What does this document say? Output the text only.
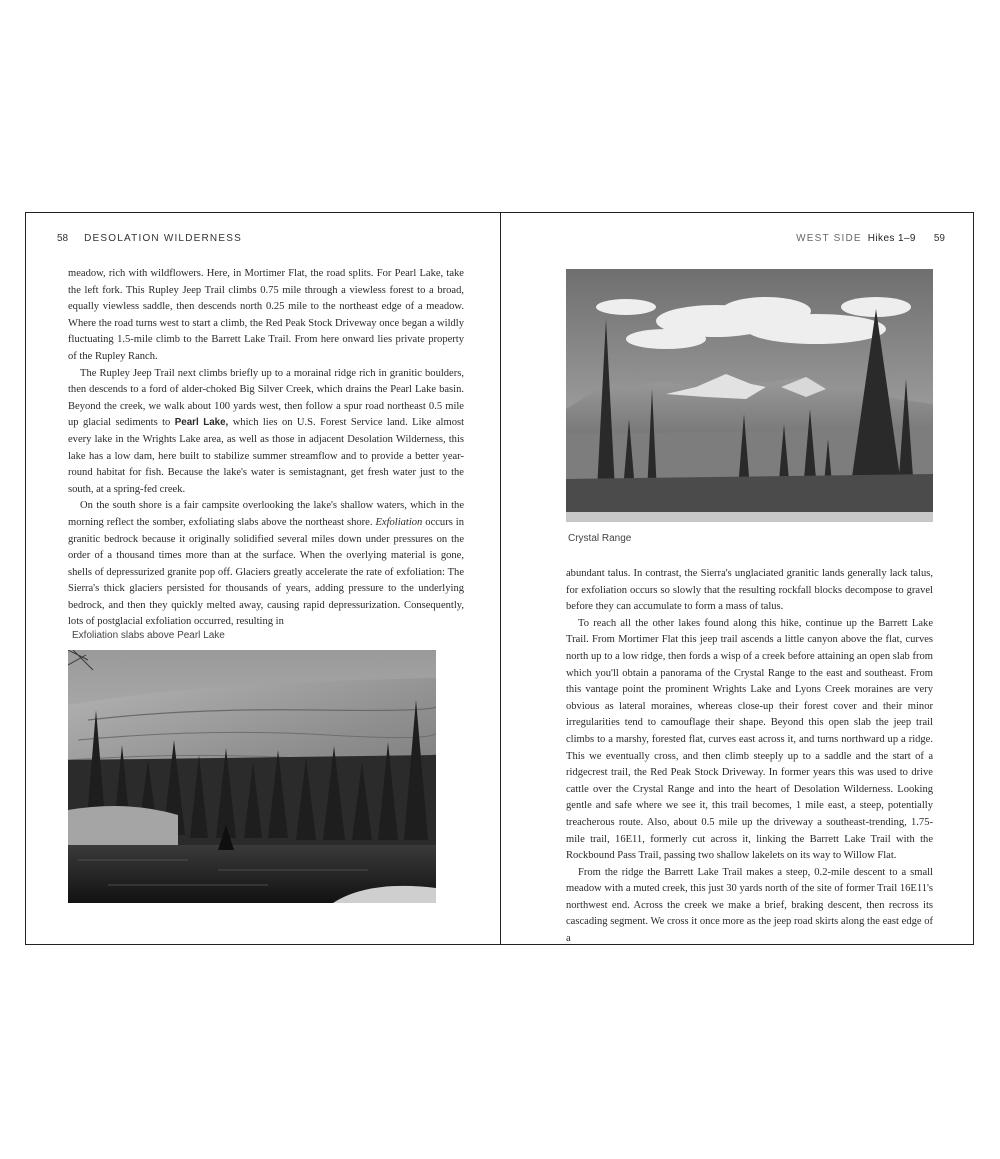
58 DESOLATION WILDERNESS

meadow, rich with wildflowers. Here, in Mortimer Flat, the road splits. For Pearl Lake, take the left fork. This Rupley Jeep Trail climbs 0.75 mile through a viewless forest to a broad, equally viewless saddle, then descends north 0.25 mile to the northeast edge of a meadow. Where the road turns west to start a climb, the Red Peak Stock Driveway once began a wildly fluctuating 1.5-mile climb to the Barrett Lake Trail. From here onward lies private property of the Rupley Ranch.

The Rupley Jeep Trail next climbs briefly up to a morainal ridge rich in granitic boulders, then descends to a ford of alder-choked Big Silver Creek, which drains the Pearl Lake basin. Beyond the creek, we walk about 100 yards west, then follow a spur road northeast 0.5 mile up glacial sediments to Pearl Lake, which lies on U.S. Forest Service land. Like almost every lake in the Wrights Lake area, as well as those in adjacent Desolation Wilderness, this lake has a low dam, here built to stabilize summer streamflow and to provide a better year-round habitat for fish. Because the lake's water is semistagnant, get fresh water just to the south, at a spring-fed creek.

On the south shore is a fair campsite overlooking the lake's shallow waters, which in the morning reflect the somber, exfoliating slabs above the northeast shore. Exfoliation occurs in granitic bedrock because it originally solidified several miles down under pressures on the order of a thousand times more than at the surface. When the overlying material is gone, shells of depressurized granite pop off. Glaciers greatly accelerate the rate of exfoliation: The Sierra's thick glaciers persisted for thousands of years, adding pressure to the underlying bedrock, and then they quickly melted away, causing rapid depressurization. Consequently, lots of postglacial exfoliation occurred, resulting in

Exfoliation slabs above Pearl Lake
WEST SIDE Hikes 1–9 59
Crystal Range

abundant talus. In contrast, the Sierra's unglaciated granitic lands generally lack talus, for exfoliation occurs so slowly that the resulting rockfall blocks decompose to gravel before they can accumulate to form a mass of talus.

To reach all the other lakes found along this hike, continue up the Barrett Lake Trail. From Mortimer Flat this jeep trail ascends a little canyon above the flat, curves north up to a low ridge, then fords a wisp of a creek before attaining an open slab from which you'll obtain a panorama of the Crystal Range to the east and southeast. From this vantage point the prominent Wrights Lake and Lyons Creek moraines are very obvious as lateral moraines, whereas close-up their forest cover and their minor irregularities tend to camouflage their shape. Beyond this open slab the jeep trail climbs to a marshy, forested flat, curves east across it, and turns northward up a ridge. This we eventually cross, and then climb steeply up to a saddle and the start of a ridgecrest trail, the Red Peak Stock Driveway. In former years this was used to drive cattle over the Crystal Range and into the heart of Desolation Wilderness. Looking gentle and safe where we see it, this trail becomes, 1 mile east, a steep, potentially treacherous route. Also, about 0.5 mile up the driveway a southeast-trending, 1.75-mile trail, 16E11, formerly cut across it, linking the Barrett Lake Trail with the Rockbound Pass Trail, passing two shallow lakelets on its way to Willow Flat.

From the ridge the Barrett Lake Trail makes a steep, 0.2-mile descent to a small meadow with a muted creek, this just 30 yards north of the site of former Trail 16E11's northwest end. Across the creek we make a brief, braking descent, then recross its cascading segment. We cross it once more as the jeep road skirts along the east edge of a
